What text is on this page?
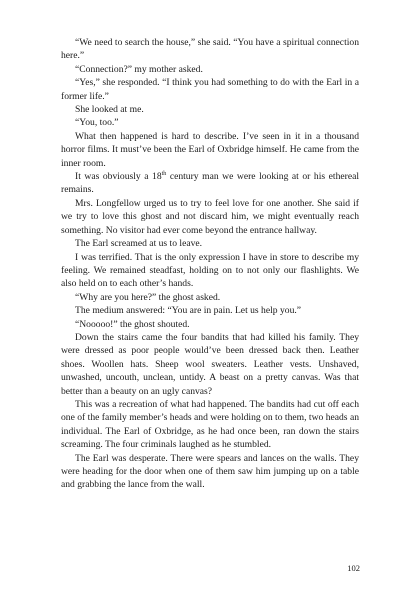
“We need to search the house,” she said. “You have a spiritual connection here.”

“Connection?” my mother asked.

“Yes,” she responded. “I think you had something to do with the Earl in a former life.”

She looked at me.

“You, too.”

What then happened is hard to describe. I’ve seen in it in a thousand horror films. It must’ve been the Earl of Oxbridge himself. He came from the inner room.

It was obviously a 18th century man we were looking at or his ethereal remains.

Mrs. Longfellow urged us to try to feel love for one another. She said if we try to love this ghost and not discard him, we might eventually reach something. No visitor had ever come beyond the entrance hallway.

The Earl screamed at us to leave.

I was terrified. That is the only expression I have in store to describe my feeling. We remained steadfast, holding on to not only our flashlights. We also held on to each other’s hands.

“Why are you here?” the ghost asked.

The medium answered: “You are in pain. Let us help you.”

“Nooooo!” the ghost shouted.

Down the stairs came the four bandits that had killed his family. They were dressed as poor people would’ve been dressed back then. Leather shoes. Woollen hats. Sheep wool sweaters. Leather vests. Unshaved, unwashed, uncouth, unclean, untidy. A beast on a pretty canvas. Was that better than a beauty on an ugly canvas?

This was a recreation of what had happened. The bandits had cut off each one of the family member’s heads and were holding on to them, two heads an individual. The Earl of Oxbridge, as he had once been, ran down the stairs screaming. The four criminals laughed as he stumbled.

The Earl was desperate. There were spears and lances on the walls. They were heading for the door when one of them saw him jumping up on a table and grabbing the lance from the wall.

102
